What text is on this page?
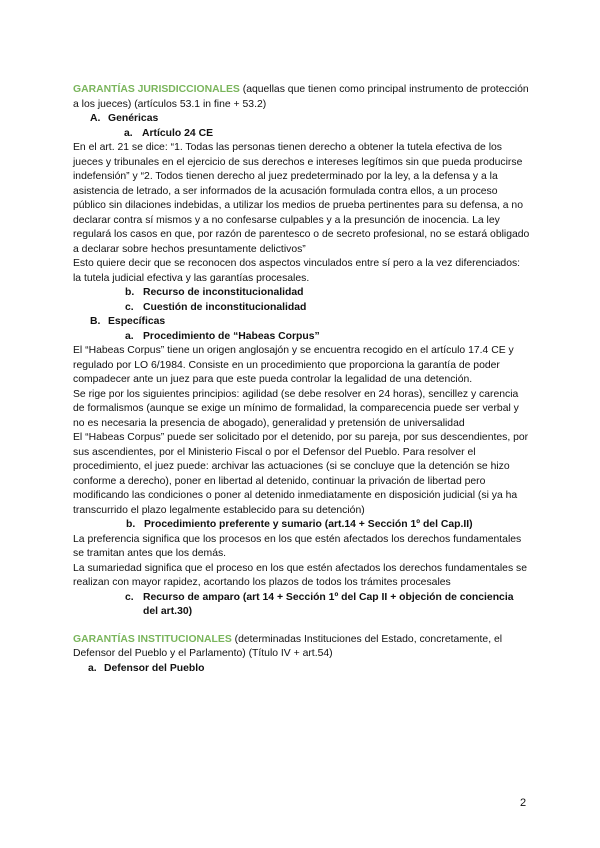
GARANTÍAS JURISDICCIONALES (aquellas que tienen como principal instrumento de protección a los jueces) (artículos 53.1 in fine + 53.2)

A. Genéricas
a. Artículo 24 CE

En el art. 21 se dice: “1. Todas las personas tienen derecho a obtener la tutela efectiva de los jueces y tribunales en el ejercicio de sus derechos e intereses legítimos sin que pueda producirse indefensión” y “2. Todos tienen derecho al juez predeterminado por la ley, a la defensa y a la asistencia de letrado, a ser informados de la acusación formulada contra ellos, a un proceso público sin dilaciones indebidas, a utilizar los medios de prueba pertinentes para su defensa, a no declarar contra sí mismos y a no confesarse culpables y a la presunción de inocencia. La ley regulará los casos en que, por razón de parentesco o de secreto profesional, no se estará obligado a declarar sobre hechos presuntamente delictivos”

Esto quiere decir que se reconocen dos aspectos vinculados entre sí pero a la vez diferenciados: la tutela judicial efectiva y las garantías procesales.

b. Recurso de inconstitucionalidad
c. Cuestión de inconstitucionalidad
B. Específicas
a. Procedimiento de “Habeas Corpus”

El “Habeas Corpus” tiene un origen anglosajón y se encuentra recogido en el artículo 17.4 CE y regulado por LO 6/1984. Consiste en un procedimiento que proporciona la garantía de poder compadecer ante un juez para que este pueda controlar la legalidad de una detención.

Se rige por los siguientes principios: agilidad (se debe resolver en 24 horas), sencillez y carencia de formalismos (aunque se exige un mínimo de formalidad, la comparecencia puede ser verbal y no es necesaria la presencia de abogado), generalidad y pretensión de universalidad

El “Habeas Corpus” puede ser solicitado por el detenido, por su pareja, por sus descendientes, por sus ascendientes, por el Ministerio Fiscal o por el Defensor del Pueblo. Para resolver el procedimiento, el juez puede: archivar las actuaciones (si se concluye que la detención se hizo conforme a derecho), poner en libertad al detenido, continuar la privación de libertad pero modificando las condiciones o poner al detenido inmediatamente en disposición judicial (si ya ha transcurrido el plazo legalmente establecido para su detención)

b. Procedimiento preferente y sumario (art.14 + Sección 1º del Cap.II)

La preferencia significa que los procesos en los que estén afectados los derechos fundamentales se tramitan antes que los demás.

La sumariedad significa que el proceso en los que estén afectados los derechos fundamentales se realizan con mayor rapidez, acortando los plazos de todos los trámites procesales

c. Recurso de amparo (art 14 + Sección 1º del Cap II + objeción de conciencia del art.30)

GARANTÍAS INSTITUCIONALES (determinadas Instituciones del Estado, concretamente, el Defensor del Pueblo y el Parlamento) (Título IV + art.54)

a. Defensor del Pueblo
2
